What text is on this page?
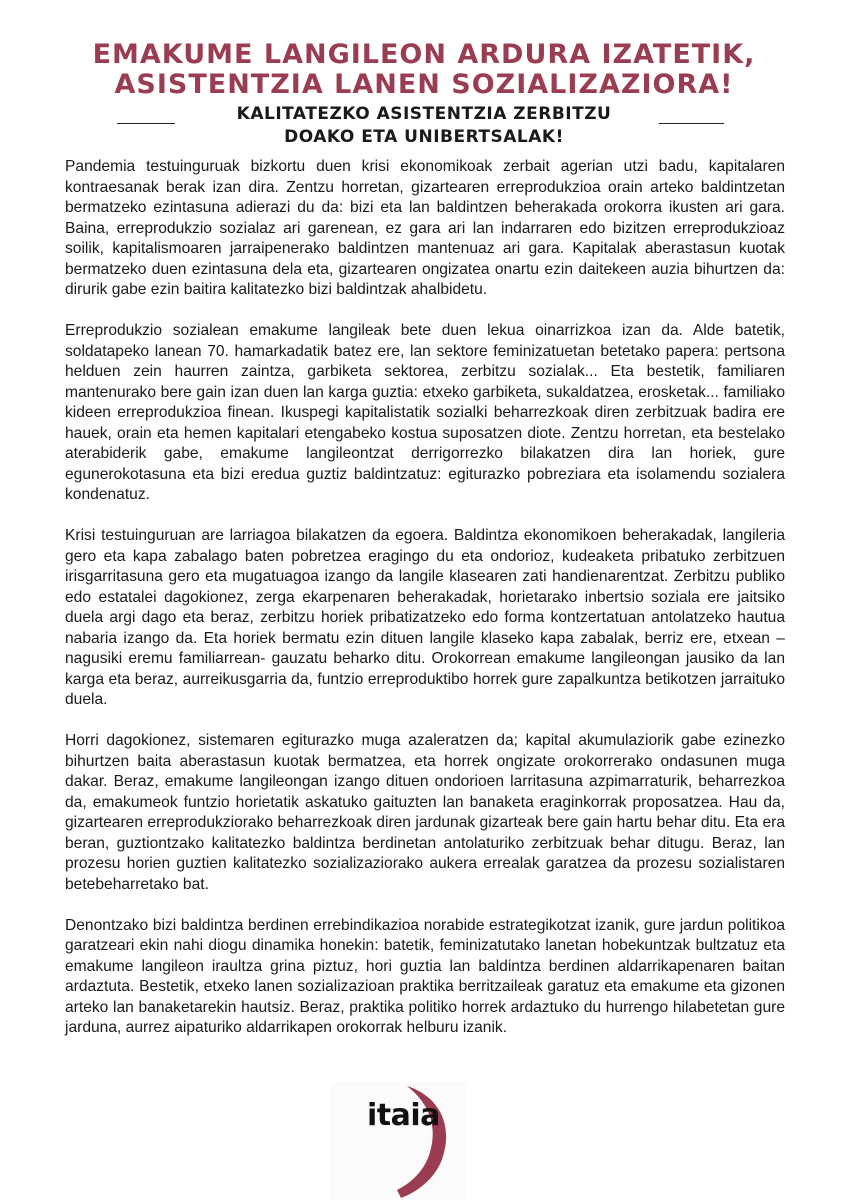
EMAKUME LANGILEON ARDURA IZATETIK,
ASISTENTZIA LANEN SOZIALIZAZIORA!
KALITATEZKO ASISTENTZIA ZERBITZU
DOAKO ETA UNIBERTSALAK!

Pandemia testuinguruak bizkortu duen krisi ekonomikoak zerbait agerian utzi badu, kapitalaren kontraesanak berak izan dira. Zentzu horretan, gizartearen erreprodukzioa orain arteko baldintzetan bermatzeko ezintasuna adierazi du da: bizi eta lan baldintzen beherakada orokorra ikusten ari gara. Baina, erreprodukzio sozialaz ari garenean, ez gara ari lan indarraren edo bizitzen erreprodukzioaz soilik, kapitalismoaren jarraipenerako baldintzen mantenuaz ari gara. Kapitalak aberastasun kuotak bermatzeko duen ezintasuna dela eta, gizartearen ongizatea onartu ezin daitekeen auzia bihurtzen da: dirurik gabe ezin baitira kalitatezko bizi baldintzak ahalbidetu.

Erreprodukzio sozialean emakume langileak bete duen lekua oinarrizkoa izan da. Alde batetik, soldatapeko lanean 70. hamarkadatik batez ere, lan sektore feminizatuetan betetako papera: pertsona helduen zein haurren zaintza, garbiketa sektorea, zerbitzu sozialak... Eta bestetik, familiaren mantenurako bere gain izan duen lan karga guztia: etxeko garbiketa, sukaldatzea, erosketak... familiako kideen erreprodukzioa finean. Ikuspegi kapitalistatik sozialki beharrezkoak diren zerbitzuak badira ere hauek, orain eta hemen kapitalari etengabeko kostua suposatzen diote. Zentzu horretan, eta bestelako aterabiderik gabe, emakume langileontzat derrigorrezko bilakatzen dira lan horiek, gure egunerokotasuna eta bizi eredua guztiz baldintzatuz: egiturazko pobreziara eta isolamendu sozialera kondenatuz.

Krisi testuinguruan are larriagoa bilakatzen da egoera. Baldintza ekonomikoen beherakadak, langileria gero eta kapa zabalago baten pobretzea eragingo du eta ondorioz, kudeaketa pribatuko zerbitzuen irisgarritasuna gero eta mugatuagoa izango da langile klasearen zati handienarentzat. Zerbitzu publiko edo estatalei dagokionez, zerga ekarpenaren beherakadak, horietarako inbertsio soziala ere jaitsiko duela argi dago eta beraz, zerbitzu horiek pribatizatzeko edo forma kontzertatuan antolatzeko hautua nabaria izango da. Eta horiek bermatu ezin dituen langile klaseko kapa zabalak, berriz ere, etxean – nagusiki eremu familiarrean- gauzatu beharko ditu. Orokorrean emakume langileongan jausiko da lan karga eta beraz, aurreikusgarria da, funtzio erreproduktibo horrek gure zapalkuntza betikotzen jarraituko duela.

Horri dagokionez, sistemaren egiturazko muga azaleratzen da; kapital akumulaziorik gabe ezinezko bihurtzen baita aberastasun kuotak bermatzea, eta horrek ongizate orokorrerako ondasunen muga dakar. Beraz, emakume langileongan izango dituen ondorioen larritasuna azpimarraturik, beharrezkoa da, emakumeok funtzio horietatik askatuko gaituzten lan banaketa eraginkorrak proposatzea. Hau da, gizartearen erreprodukziorako beharrezkoak diren jardunak gizarteak bere gain hartu behar ditu. Eta era beran, guztiontzako kalitatezko baldintza berdinetan antolaturiko zerbitzuak behar ditugu. Beraz, lan prozesu horien guztien kalitatezko sozializaziorako aukera errealak garatzea da prozesu sozialistaren betebeharretako bat.

Denontzako bizi baldintza berdinen errebindikazioa norabide estrategikotzat izanik, gure jardun politikoa garatzeari ekin nahi diogu dinamika honekin: batetik, feminizatutako lanetan hobekuntzak bultzatuz eta emakume langileon iraultza grina piztuz, hori guztia lan baldintza berdinen aldarrikapenaren baitan ardaztuta. Bestetik, etxeko lanen sozializazioan praktika berritzaileak garatuz eta emakume eta gizonen arteko lan banaketarekin hautsiz. Beraz, praktika politiko horrek ardaztuko du hurrengo hilabetetan gure jarduna, aurrez aipaturiko aldarrikapen orokorrak helburu izanik.

itaia
